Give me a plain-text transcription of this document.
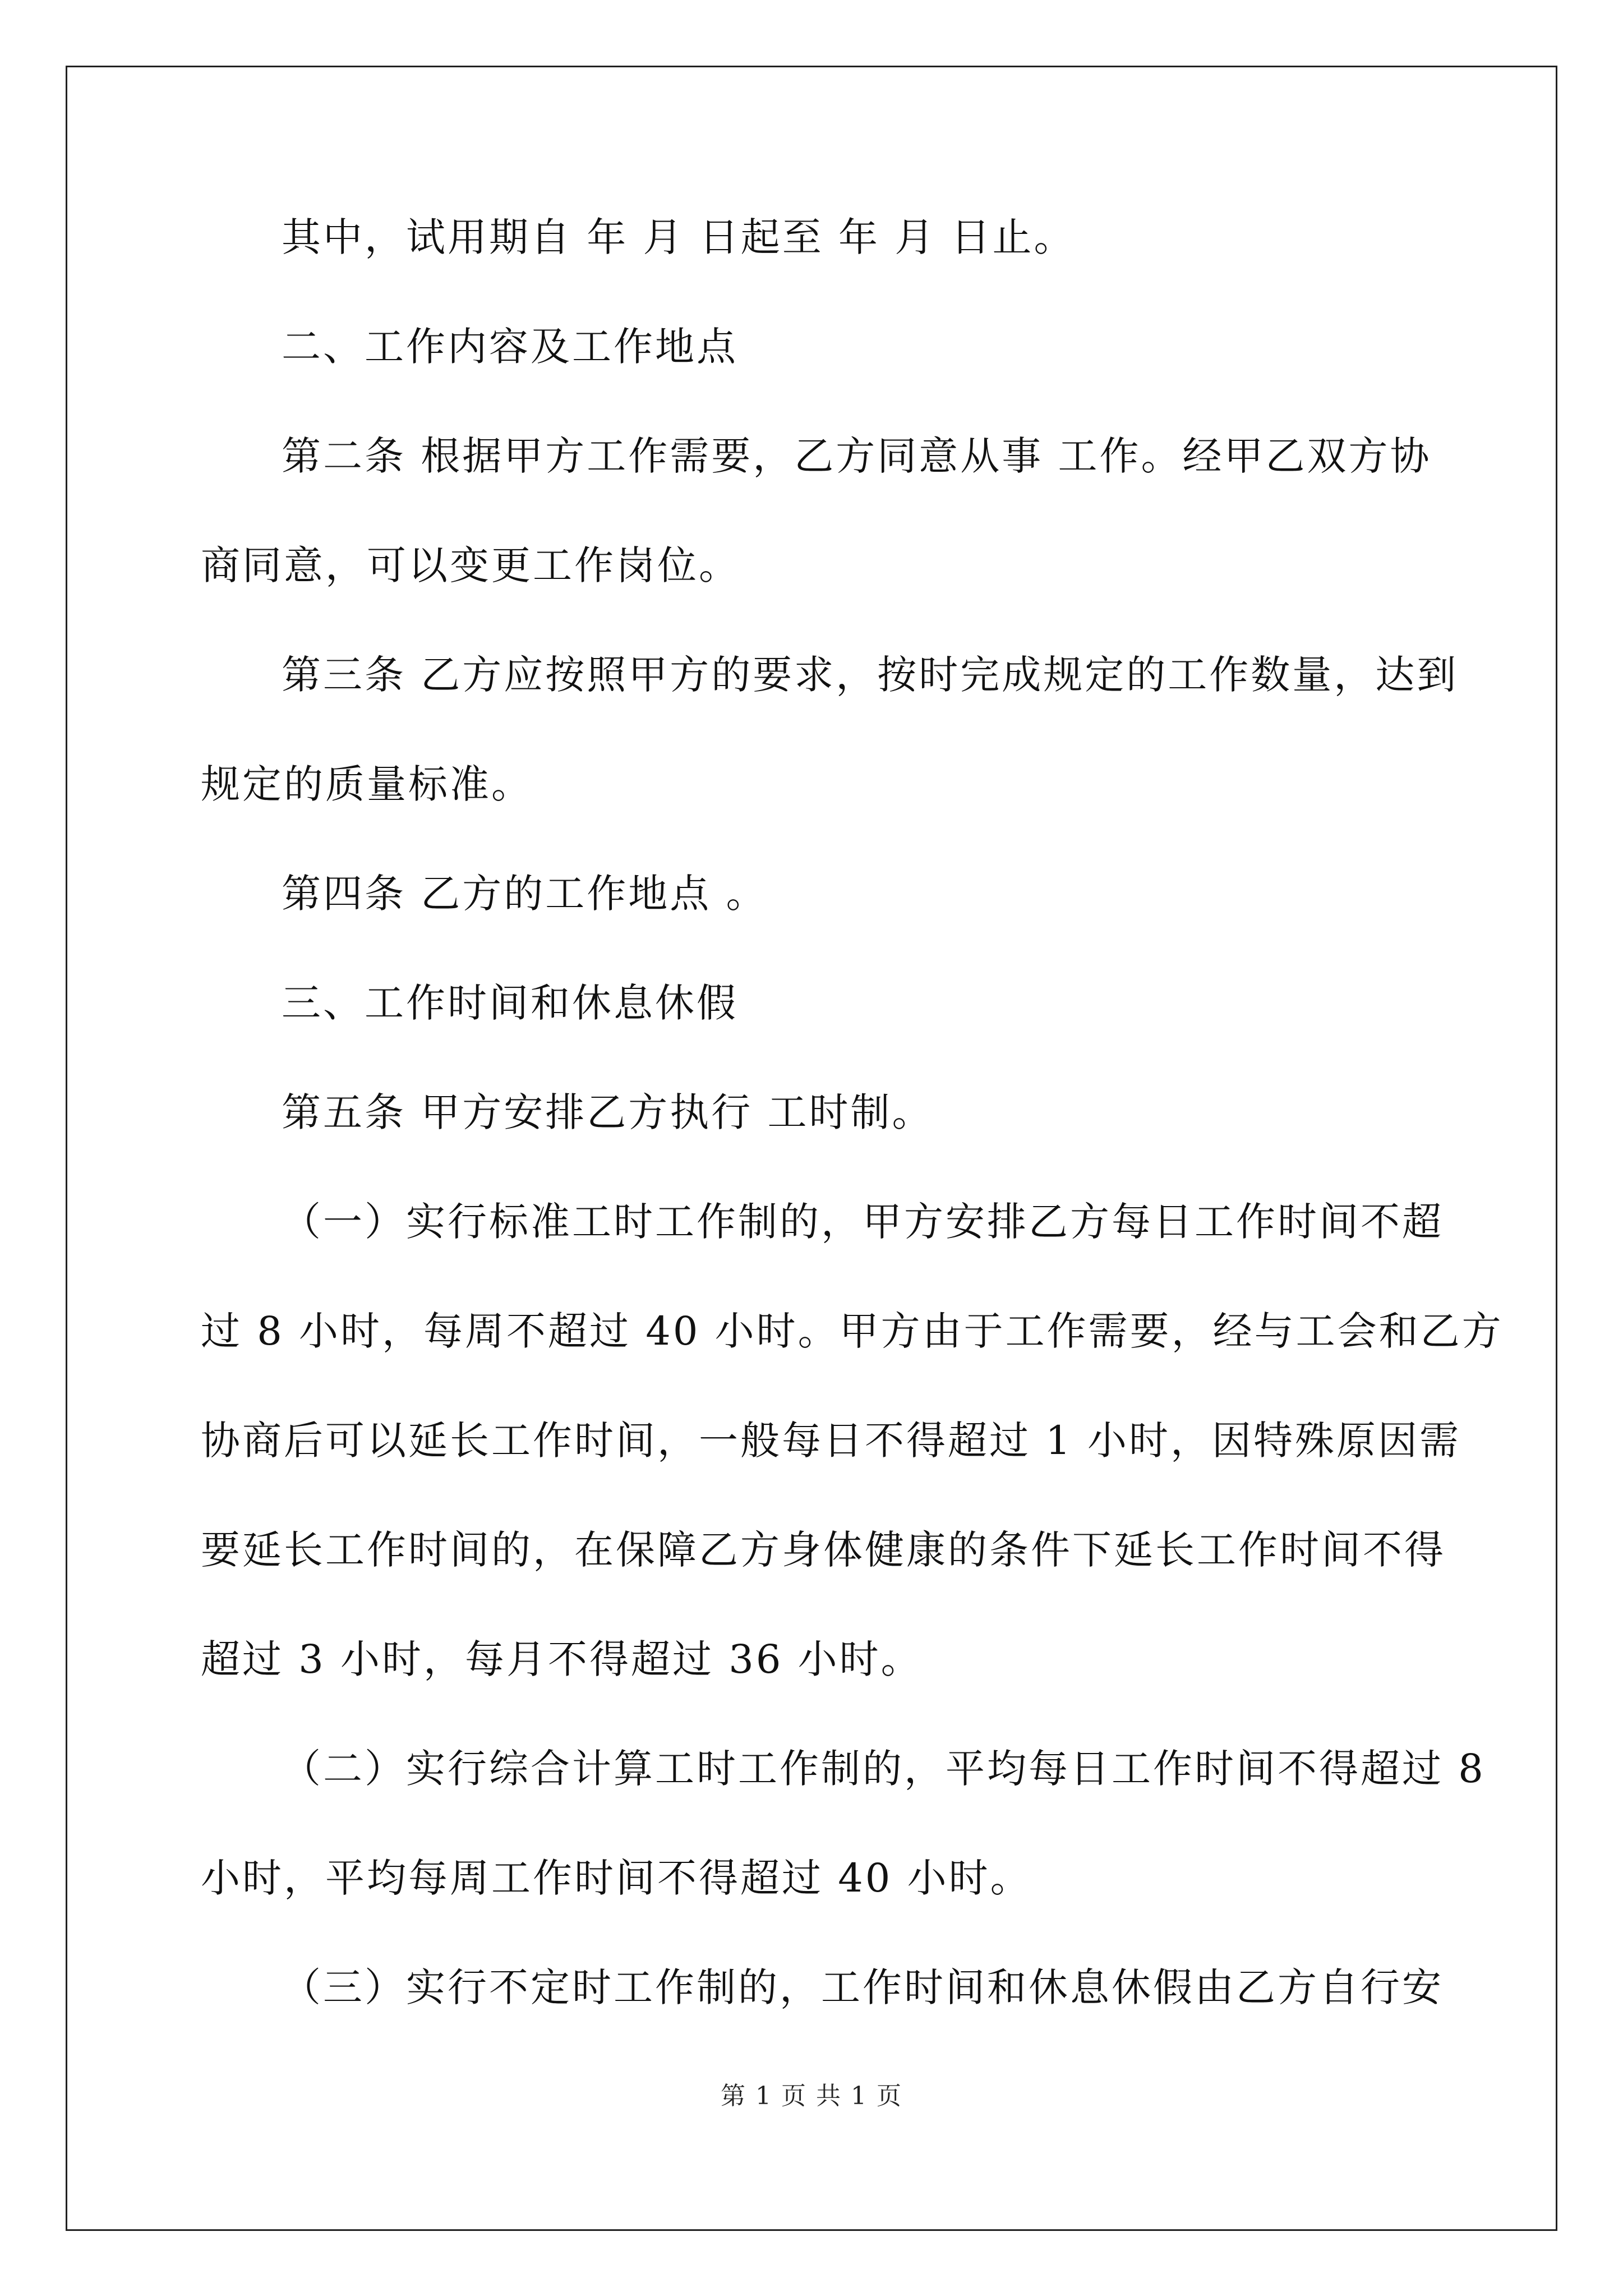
其中，试用期自 年 月 日起至 年 月 日止。
二、工作内容及工作地点
第二条 根据甲方工作需要，乙方同意从事 工作。经甲乙双方协
商同意，可以变更工作岗位。
第三条 乙方应按照甲方的要求，按时完成规定的工作数量，达到
规定的质量标准。
第四条 乙方的工作地点 。
三、工作时间和休息休假
第五条 甲方安排乙方执行 工时制。
（一）实行标准工时工作制的，甲方安排乙方每日工作时间不超
过 8 小时，每周不超过 40 小时。甲方由于工作需要，经与工会和乙方
协商后可以延长工作时间，一般每日不得超过 1 小时，因特殊原因需
要延长工作时间的，在保障乙方身体健康的条件下延长工作时间不得
超过 3 小时，每月不得超过 36 小时。
（二）实行综合计算工时工作制的，平均每日工作时间不得超过 8
小时，平均每周工作时间不得超过 40 小时。
（三）实行不定时工作制的，工作时间和休息休假由乙方自行安
第 1 页 共 1 页
